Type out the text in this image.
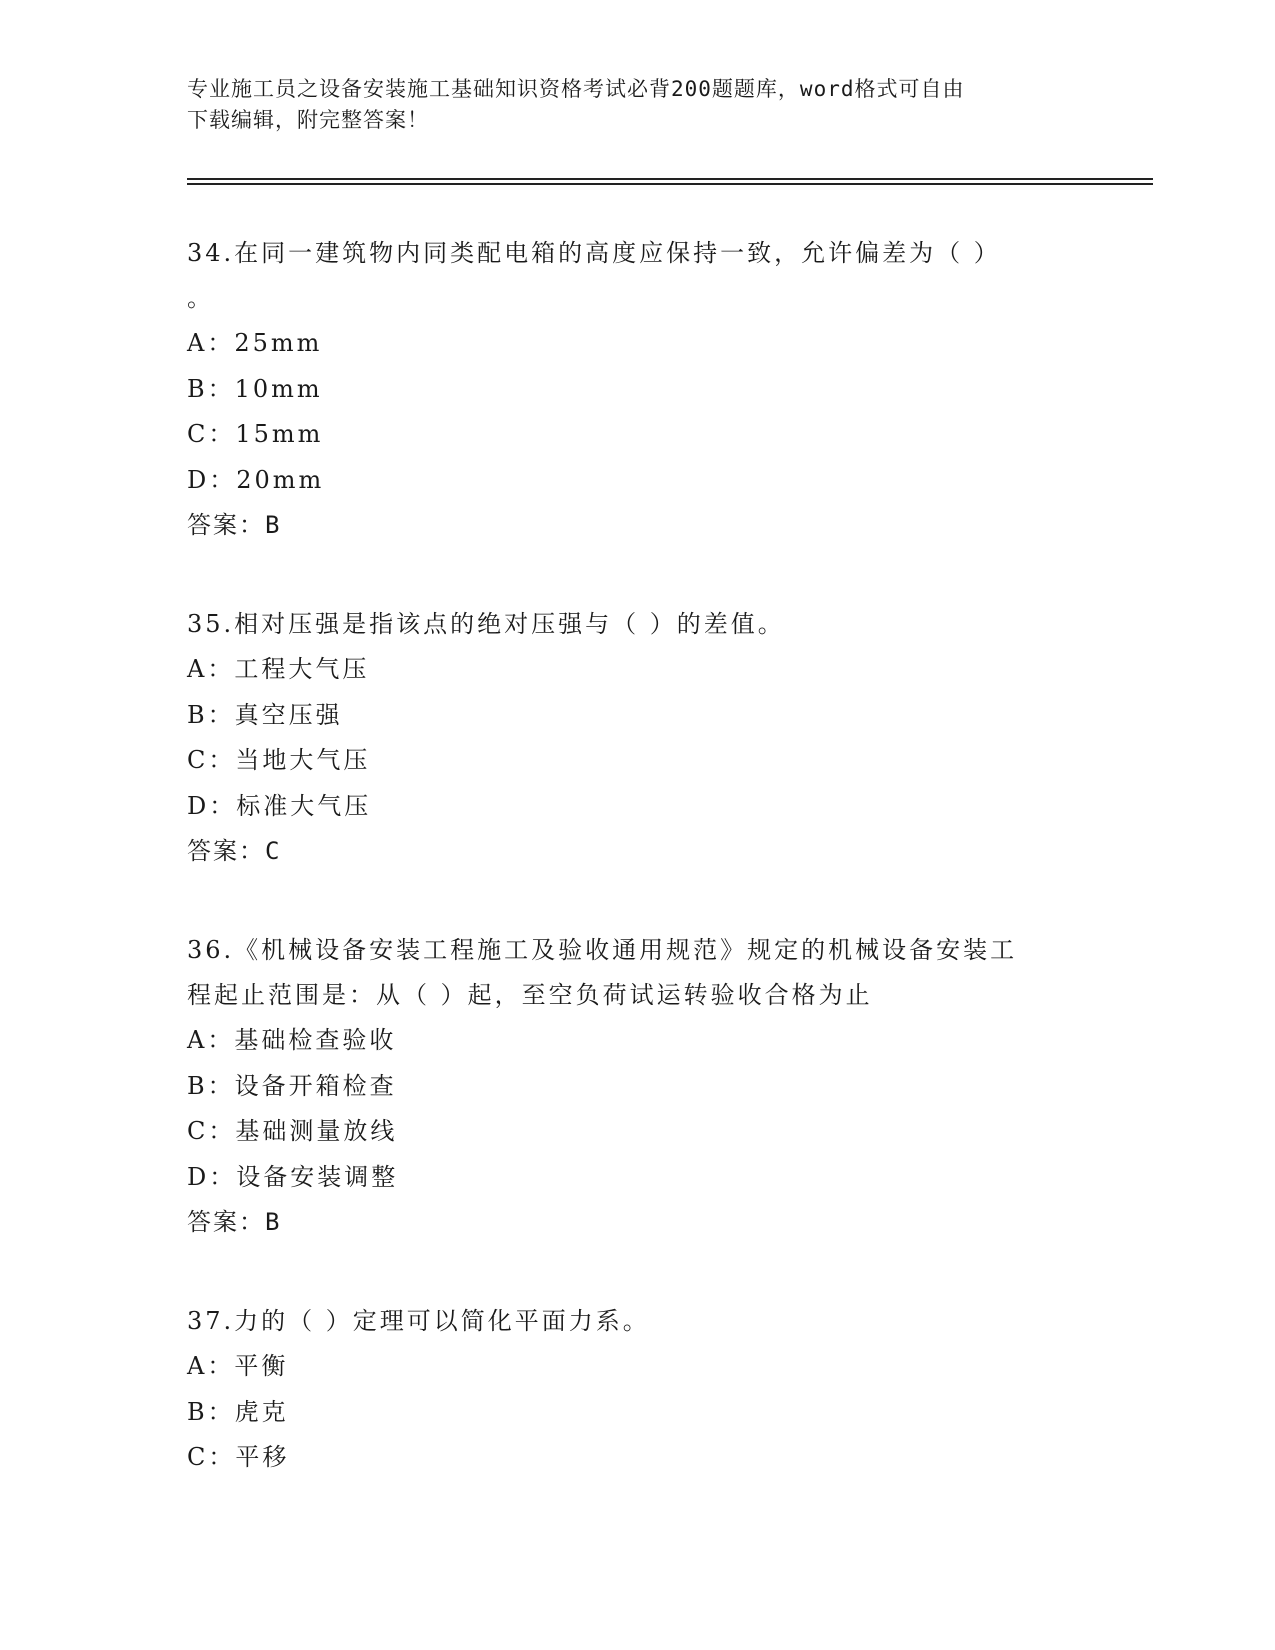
专业施工员之设备安装施工基础知识资格考试必背200题题库，word格式可自由
下载编辑，附完整答案！
34.在同一建筑物内同类配电箱的高度应保持一致，允许偏差为（ ）
。
A：25mm
B：10mm
C：15mm
D：20mm
答案：B
35.相对压强是指该点的绝对压强与（ ）的差值。
A：工程大气压
B：真空压强
C：当地大气压
D：标准大气压
答案：C
36.《机械设备安装工程施工及验收通用规范》规定的机械设备安装工
程起止范围是：从（ ）起，至空负荷试运转验收合格为止
A：基础检查验收
B：设备开箱检查
C：基础测量放线
D：设备安装调整
答案：B
37.力的（ ）定理可以简化平面力系。
A：平衡
B：虎克
C：平移
